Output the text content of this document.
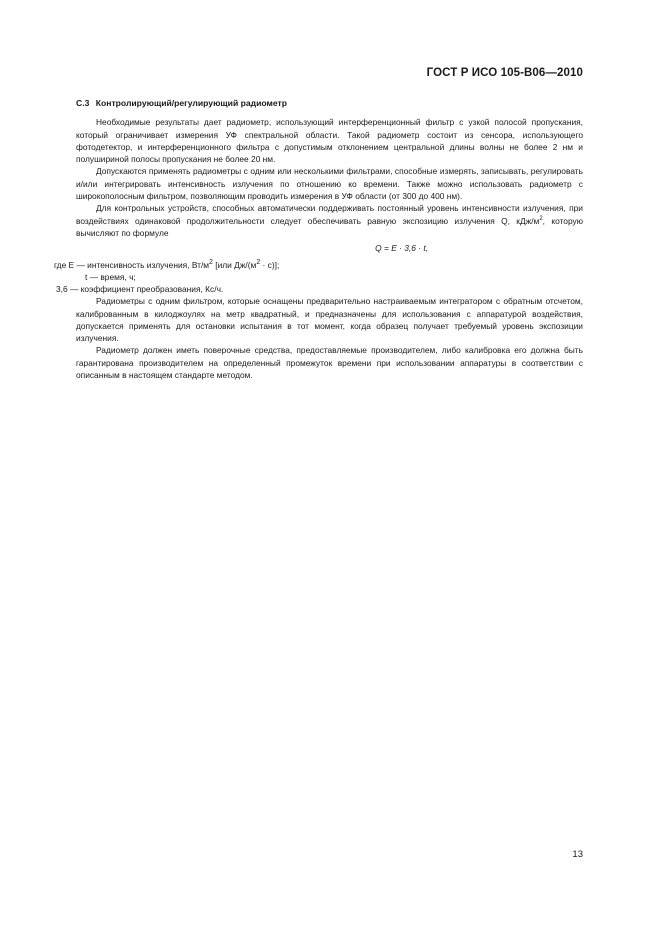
ГОСТ Р ИСО 105-В06—2010
С.3 Контролирующий/регулирующий радиометр

Необходимые результаты дает радиометр, использующий интерференционный фильтр с узкой полосой пропускания, который ограничивает измерения УФ спектральной области. Такой радиометр состоит из сенсора, использующего фотодетектор, и интерференционного фильтра с допустимым отклонением центральной длины волны не более 2 нм и полушириной полосы пропускания не более 20 нм.

Допускаются применять радиометры с одним или несколькими фильтрами, способные измерять, записывать, регулировать и/или интегрировать интенсивность излучения по отношению ко времени. Также можно использовать радиометр с широкополосным фильтром, позволяющим проводить измерения в УФ области (от 300 до 400 нм).

Для контрольных устройств, способных автоматически поддерживать постоянный уровень интенсивности излучения, при воздействиях одинаковой продолжительности следует обеспечивать равную экспозицию излучения Q, кДж/$м^2$, которую вычисляют по формуле

Q = E · 3,6 · t,
где E — интенсивность излучения, $Вт/м^2$ [или $Дж/(м^2 \cdot с)$];
t — время, ч;
3,6 — коэффициент преобразования, Кс/ч.

Радиометры с одним фильтром, которые оснащены предварительно настраиваемым интегратором с обратным отсчетом, калиброванным в килоджоулях на метр квадратный, и предназначены для использования с аппаратурой воздействия, допускается применять для остановки испытания в тот момент, когда образец получает требуемый уровень экспозиции излучения.

Радиометр должен иметь поверочные средства, предоставляемые производителем, либо калибровка его должна быть гарантирована производителем на определенный промежуток времени при использовании аппаратуры в соответствии с описанным в настоящем стандарте методом.

13
